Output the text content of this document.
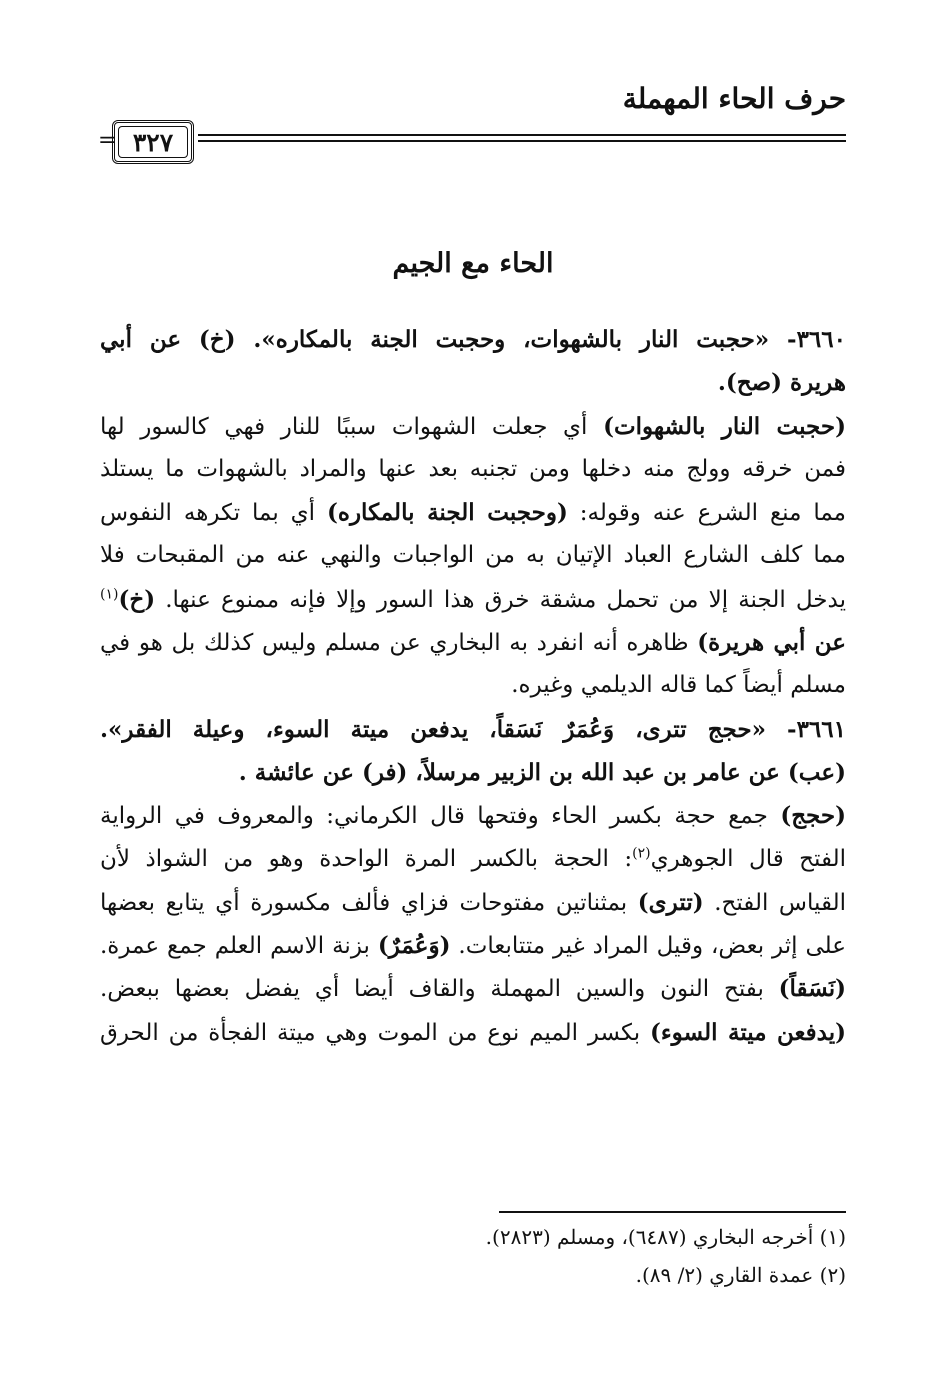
حرف الحاء المهملة
٣٢٧
=
الحاء مع الجيم
٣٦٦٠- «حجبت النار بالشهوات، وحجبت الجنة بالمكاره». (خ) عن أبي
هريرة (صح).
(حجبت النار بالشهوات) أي جعلت الشهوات سببًا للنار فهي كالسور لها
فمن خرقه وولج منه دخلها ومن تجنبه بعد عنها والمراد بالشهوات ما يستلذ
مما منع الشرع عنه وقوله: (وحجبت الجنة بالمكاره) أي بما تكرهه النفوس
مما كلف الشارع العباد الإتيان به من الواجبات والنهي عنه من المقبحات فلا
يدخل الجنة إلا من تحمل مشقة خرق هذا السور وإلا فإنه ممنوع عنها. (خ)$^{(١)}$
عن أبي هريرة) ظاهره أنه انفرد به البخاري عن مسلم وليس كذلك بل هو في
مسلم أيضاً كما قاله الديلمي وغيره.
٣٦٦١- «حجج تترى، وَعُمَرٌ نَسَقاً، يدفعن ميتة السوء، وعيلة الفقر».
(عب) عن عامر بن عبد الله بن الزبير مرسلاً، (فر) عن عائشة .
(حجج) جمع حجة بكسر الحاء وفتحها قال الكرماني: والمعروف في الرواية
الفتح قال الجوهري$^{(٢)}$: الحجة بالكسر المرة الواحدة وهو من الشواذ لأن
القياس الفتح. (تترى) بمثناتين مفتوحات فزاي فألف مكسورة أي يتابع بعضها
على إثر بعض، وقيل المراد غير متتابعات. (وَعُمَرٌ) بزنة الاسم العلم جمع عمرة.
(نَسَقاً) بفتح النون والسين المهملة والقاف أيضا أي يفضل بعضها ببعض.
(يدفعن ميتة السوء) بكسر الميم نوع من الموت وهي ميتة الفجأة من الحرق
(١) أخرجه البخاري (٦٤٨٧)، ومسلم (٢٨٢٣).
(٢) عمدة القاري (٢/ ٨٩).
